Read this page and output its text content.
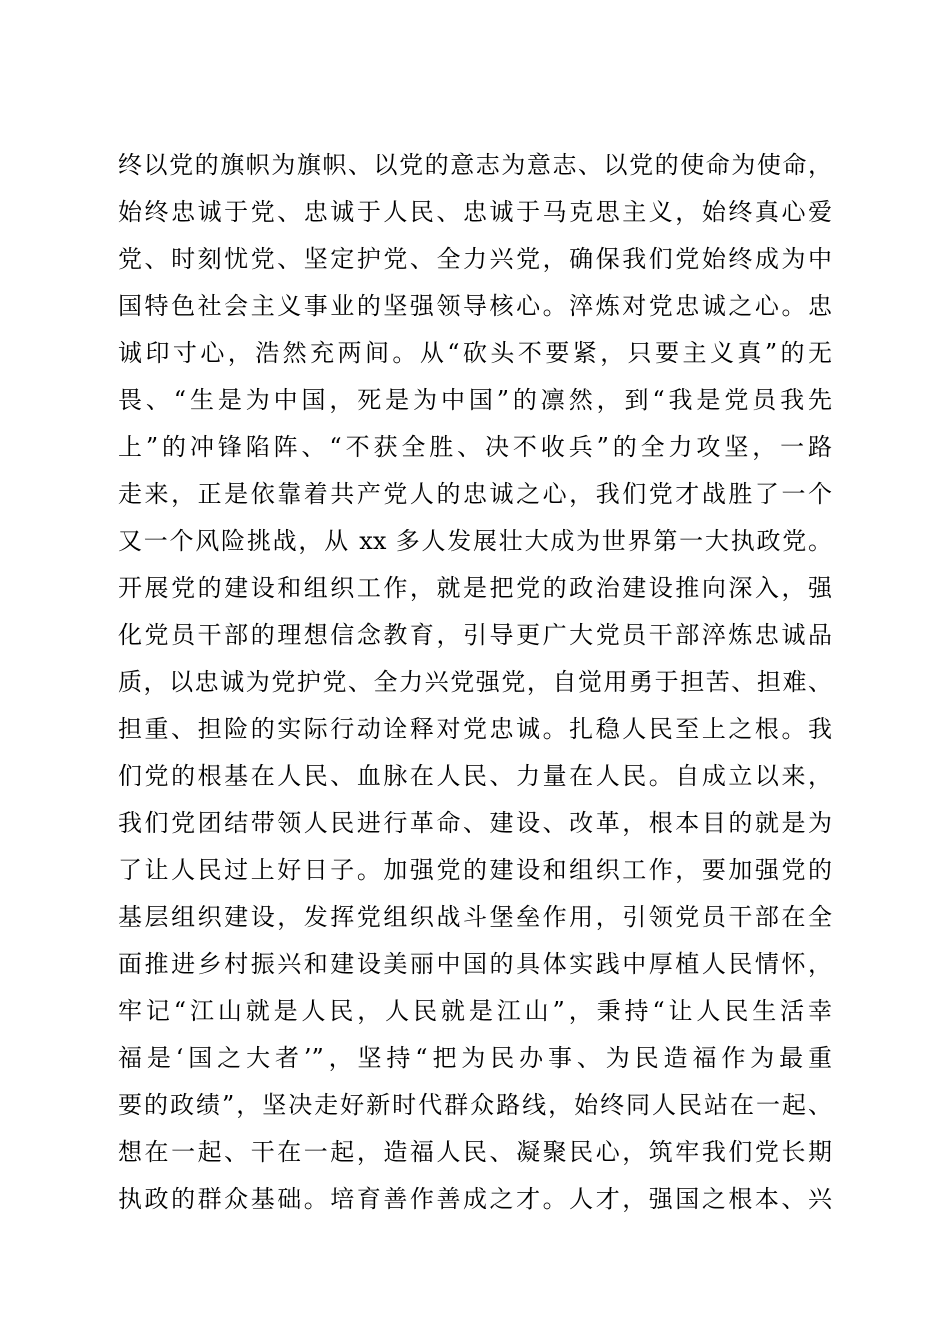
终以党的旗帜为旗帜、以党的意志为意志、以党的使命为使命，
始终忠诚于党、忠诚于人民、忠诚于马克思主义，始终真心爱
党、时刻忧党、坚定护党、全力兴党，确保我们党始终成为中
国特色社会主义事业的坚强领导核心。淬炼对党忠诚之心。忠
诚印寸心，浩然充两间。从“砍头不要紧，只要主义真”的无
畏、“生是为中国，死是为中国”的凛然，到“我是党员我先
上”的冲锋陷阵、“不获全胜、决不收兵”的全力攻坚，一路
走来，正是依靠着共产党人的忠诚之心，我们党才战胜了一个
又一个风险挑战，从 xx 多人发展壮大成为世界第一大执政党。
开展党的建设和组织工作，就是把党的政治建设推向深入，强
化党员干部的理想信念教育，引导更广大党员干部淬炼忠诚品
质，以忠诚为党护党、全力兴党强党，自觉用勇于担苦、担难、
担重、担险的实际行动诠释对党忠诚。扎稳人民至上之根。我
们党的根基在人民、血脉在人民、力量在人民。自成立以来，
我们党团结带领人民进行革命、建设、改革，根本目的就是为
了让人民过上好日子。加强党的建设和组织工作，要加强党的
基层组织建设，发挥党组织战斗堡垒作用，引领党员干部在全
面推进乡村振兴和建设美丽中国的具体实践中厚植人民情怀，
牢记“江山就是人民，人民就是江山”，秉持“让人民生活幸
福是‘国之大者’”，坚持“把为民办事、为民造福作为最重
要的政绩”，坚决走好新时代群众路线，始终同人民站在一起、
想在一起、干在一起，造福人民、凝聚民心，筑牢我们党长期
执政的群众基础。培育善作善成之才。人才，强国之根本、兴
